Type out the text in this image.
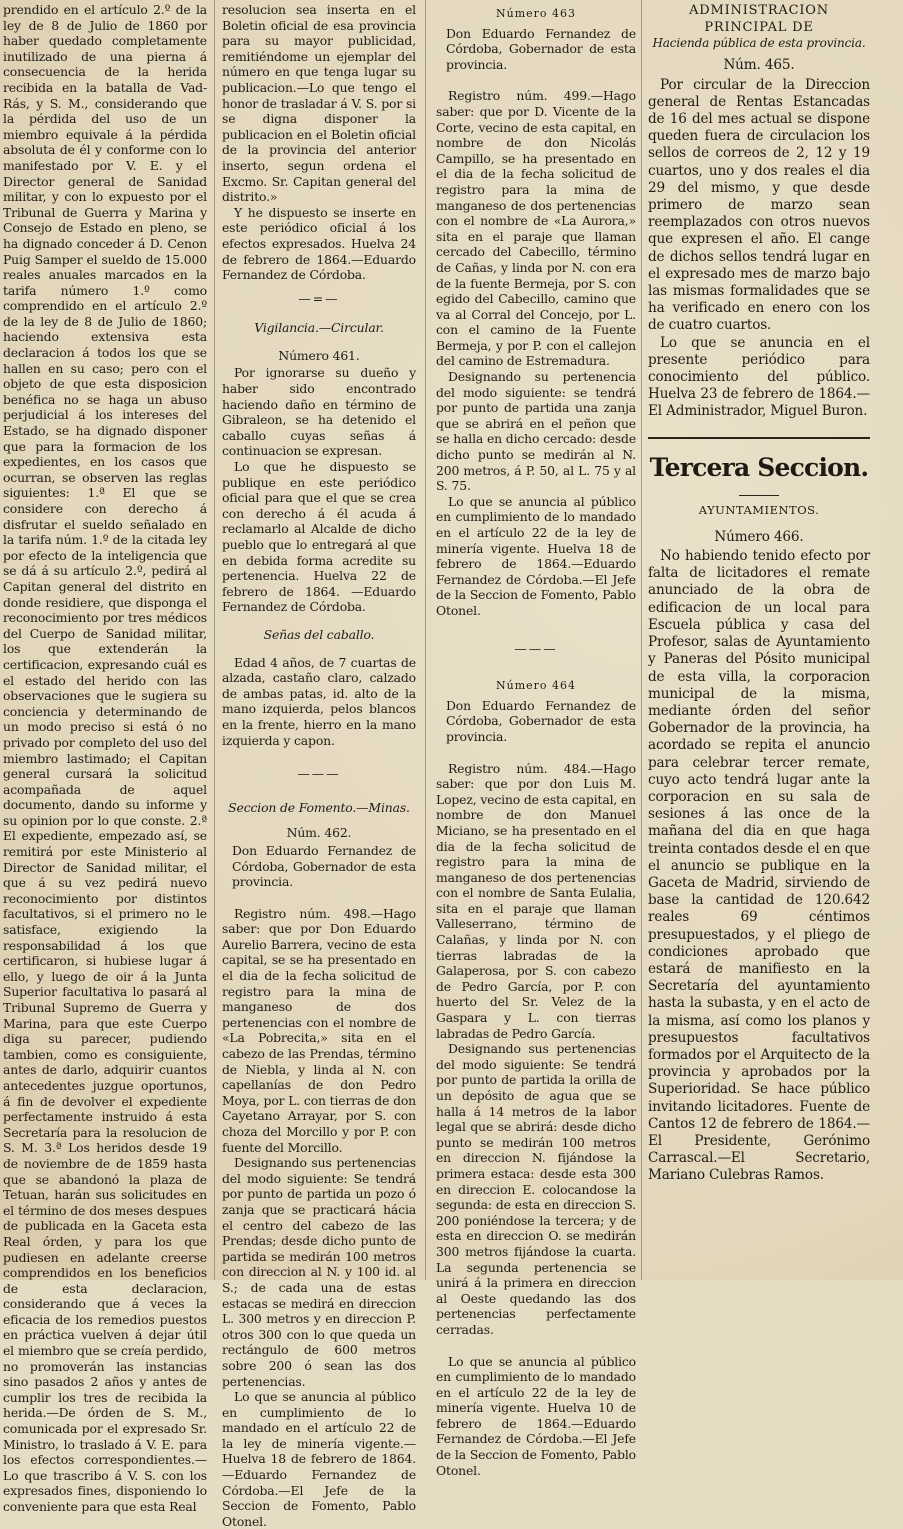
prendido en el artículo 2.º de la ley de 8 de Julio de 1860 por haber quedado completamente inutilizado de una pierna á consecuencia de la herida recibida en la batalla de Vad-Rás, y S. M., considerando que la pérdida del uso de un miembro equivale á la pérdida absoluta de él y conforme con lo manifestado por V. E. y el Director general de Sanidad militar, y con lo expuesto por el Tribunal de Guerra y Marina y Consejo de Estado en pleno, se ha dignado conceder á D. Cenon Puig Samper el sueldo de 15.000 reales anuales marcados en la tarifa número 1.º como comprendido en el artículo 2.º de la ley de 8 de Julio de 1860; haciendo extensiva esta declaracion á todos los que se hallen en su caso; pero con el objeto de que esta disposicion benéfica no se haga un abuso perjudicial á los intereses del Estado, se ha dignado disponer que para la formacion de los expedientes, en los casos que ocurran, se observen las reglas siguientes: 1.ª El que se considere con derecho á disfrutar el sueldo señalado en la tarifa núm. 1.º de la citada ley por efecto de la inteligencia que se dá á su artículo 2.º, pedirá al Capitan general del distrito en donde residiere, que disponga el reconocimiento por tres médicos del Cuerpo de Sanidad militar, los que extenderán la certificacion, expresando cuál es el estado del herido con las observaciones que le sugiera su conciencia y determinando de un modo preciso si está ó no privado por completo del uso del miembro lastimado; el Capitan general cursará la solicitud acompañada de aquel documento, dando su informe y su opinion por lo que conste. 2.ª El expediente, empezado así, se remitirá por este Ministerio al Director de Sanidad militar, el que á su vez pedirá nuevo reconocimiento por distintos facultativos, si el primero no le satisface, exigiendo la responsabilidad á los que certificaron, si hubiese lugar á ello, y luego de oir á la Junta Superior facultativa lo pasará al Tribunal Supremo de Guerra y Marina, para que este Cuerpo diga su parecer, pudiendo tambien, como es consiguiente, antes de darlo, adquirir cuantos antecedentes juzgue oportunos, á fin de devolver el expediente perfectamente instruido á esta Secretaría para la resolucion de S. M. 3.ª Los heridos desde 19 de noviembre de de 1859 hasta que se abandonó la plaza de Tetuan, harán sus solicitudes en el término de dos meses despues de publicada en la Gaceta esta Real órden, y para los que pudiesen en adelante creerse comprendidos en los beneficios de esta declaracion, considerando que á veces la eficacia de los remedios puestos en práctica vuelven á dejar útil el miembro que se creía perdido, no promoverán las instancias sino pasados 2 años y antes de cumplir los tres de recibida la herida.—De órden de S. M., comunicada por el expresado Sr. Ministro, lo traslado á V. E. para los efectos correspondientes.—Lo que trascribo á V. S. con los expresados fines, disponiendo lo conveniente para que esta Real

resolucion sea inserta en el Boletin oficial de esa provincia para su mayor publicidad, remitiéndome un ejemplar del número en que tenga lugar su publicacion.—Lo que tengo el honor de trasladar á V. S. por si se digna disponer la publicacion en el Boletin oficial de la provincia del anterior inserto, segun ordena el Excmo. Sr. Capitan general del distrito.»

Y he dispuesto se inserte en este periódico oficial á los efectos expresados. Huelva 24 de febrero de 1864.—Eduardo Fernandez de Córdoba.

—=—
Vigilancia.—Circular.
Número 461.

Por ignorarse su dueño y haber sido encontrado haciendo daño en término de Gibraleon, se ha detenido el caballo cuyas señas á continuacion se expresan.

Lo que he dispuesto se publique en este periódico oficial para que el que se crea con derecho á él acuda á reclamarlo al Alcalde de dicho pueblo que lo entregará al que en debida forma acredite su pertenencia. Huelva 22 de febrero de 1864. —Eduardo Fernandez de Córdoba.

Señas del caballo.

Edad 4 años, de 7 cuartas de alzada, castaño claro, calzado de ambas patas, id. alto de la mano izquierda, pelos blancos en la frente, hierro en la mano izquierda y capon.

———
Seccion de Fomento.—Minas.
Núm. 462.

Don Eduardo Fernandez de Córdoba, Gobernador de esta provincia.

Registro núm. 498.—Hago saber: que por Don Eduardo Aurelio Barrera, vecino de esta capital, se se ha presentado en el dia de la fecha solicitud de registro para la mina de manganeso de dos pertenencias con el nombre de «La Pobrecita,» sita en el cabezo de las Prendas, término de Niebla, y linda al N. con capellanías de don Pedro Moya, por L. con tierras de don Cayetano Arrayar, por S. con choza del Morcillo y por P. con fuente del Morcillo.

Designando sus pertenencias del modo siguiente: Se tendrá por punto de partida un pozo ó zanja que se practicará hácia el centro del cabezo de las Prendas; desde dicho punto de partida se medirán 100 metros con direccion al N. y 100 id. al S.; de cada una de estas estacas se medirá en direccion L. 300 metros y en direccion P. otros 300 con lo que queda un rectángulo de 600 metros sobre 200 ó sean las dos pertenencias.

Lo que se anuncia al público en cumplimiento de lo mandado en el artículo 22 de la ley de minería vigente.—Huelva 18 de febrero de 1864.—Eduardo Fernandez de Córdoba.—El Jefe de la Seccion de Fomento, Pablo Otonel.

Número 463

Don Eduardo Fernandez de Córdoba, Gobernador de esta provincia.

Registro núm. 499.—Hago saber: que por D. Vicente de la Corte, vecino de esta capital, en nombre de don Nicolás Campillo, se ha presentado en el dia de la fecha solicitud de registro para la mina de manganeso de dos pertenencias con el nombre de «La Aurora,» sita en el paraje que llaman cercado del Cabecillo, término de Cañas, y linda por N. con era de la fuente Bermeja, por S. con egido del Cabecillo, camino que va al Corral del Concejo, por L. con el camino de la Fuente Bermeja, y por P. con el callejon del camino de Estremadura.

Designando su pertenencia del modo siguiente: se tendrá por punto de partida una zanja que se abrirá en el peñon que se halla en dicho cercado: desde dicho punto se medirán al N. 200 metros, á P. 50, al L. 75 y al S. 75.

Lo que se anuncia al público en cumplimiento de lo mandado en el artículo 22 de la ley de minería vigente. Huelva 18 de febrero de 1864.—Eduardo Fernandez de Córdoba.—El Jefe de la Seccion de Fomento, Pablo Otonel.

———
Número 464

Don Eduardo Fernandez de Córdoba, Gobernador de esta provincia.

Registro núm. 484.—Hago saber: que por don Luis M. Lopez, vecino de esta capital, en nombre de don Manuel Miciano, se ha presentado en el dia de la fecha solicitud de registro para la mina de manganeso de dos pertenencias con el nombre de Santa Eulalia, sita en el paraje que llaman Valleserrano, término de Calañas, y linda por N. con tierras labradas de la Galaperosa, por S. con cabezo de Pedro García, por P. con huerto del Sr. Velez de la Gaspara y L. con tierras labradas de Pedro García.

Designando sus pertenencias del modo siguiente: Se tendrá por punto de partida la orilla de un depósito de agua que se halla á 14 metros de la labor legal que se abrirá: desde dicho punto se medirán 100 metros en direccion N. fijándose la primera estaca: desde esta 300 en direccion E. colocandose la segunda: de esta en direccion S. 200 poniéndose la tercera; y de esta en direccion O. se medirán 300 metros fijándose la cuarta. La segunda pertenencia se unirá á la primera en direccion al Oeste quedando las dos pertenencias perfectamente cerradas.

Lo que se anuncia al público en cumplimiento de lo mandado en el artículo 22 de la ley de minería vigente. Huelva 10 de febrero de 1864.—Eduardo Fernandez de Córdoba.—El Jefe de la Seccion de Fomento, Pablo Otonel.

ADMINISTRACION PRINCIPAL DE
Hacienda pública de esta provincia.
Núm. 465.

Por circular de la Direccion general de Rentas Estancadas de 16 del mes actual se dispone queden fuera de circulacion los sellos de correos de 2, 12 y 19 cuartos, uno y dos reales el dia 29 del mismo, y que desde primero de marzo sean reemplazados con otros nuevos que expresen el año. El cange de dichos sellos tendrá lugar en el expresado mes de marzo bajo las mismas formalidades que se ha verificado en enero con los de cuatro cuartos.

Lo que se anuncia en el presente periódico para conocimiento del público. Huelva 23 de febrero de 1864.—El Administrador, Miguel Buron.

Tercera Seccion.
AYUNTAMIENTOS.
Número 466.

No habiendo tenido efecto por falta de licitadores el remate anunciado de la obra de edificacion de un local para Escuela pública y casa del Profesor, salas de Ayuntamiento y Paneras del Pósito municipal de esta villa, la corporacion municipal de la misma, mediante órden del señor Gobernador de la provincia, ha acordado se repita el anuncio para celebrar tercer remate, cuyo acto tendrá lugar ante la corporacion en su sala de sesiones á las once de la mañana del dia en que haga treinta contados desde el en que el anuncio se publique en la Gaceta de Madrid, sirviendo de base la cantidad de 120.642 reales 69 céntimos presupuestados, y el pliego de condiciones aprobado que estará de manifiesto en la Secretaría del ayuntamiento hasta la subasta, y en el acto de la misma, así como los planos y presupuestos facultativos formados por el Arquitecto de la provincia y aprobados por la Superioridad. Se hace público invitando licitadores. Fuente de Cantos 12 de febrero de 1864.—El Presidente, Gerónimo Carrascal.—El Secretario, Mariano Culebras Ramos.
